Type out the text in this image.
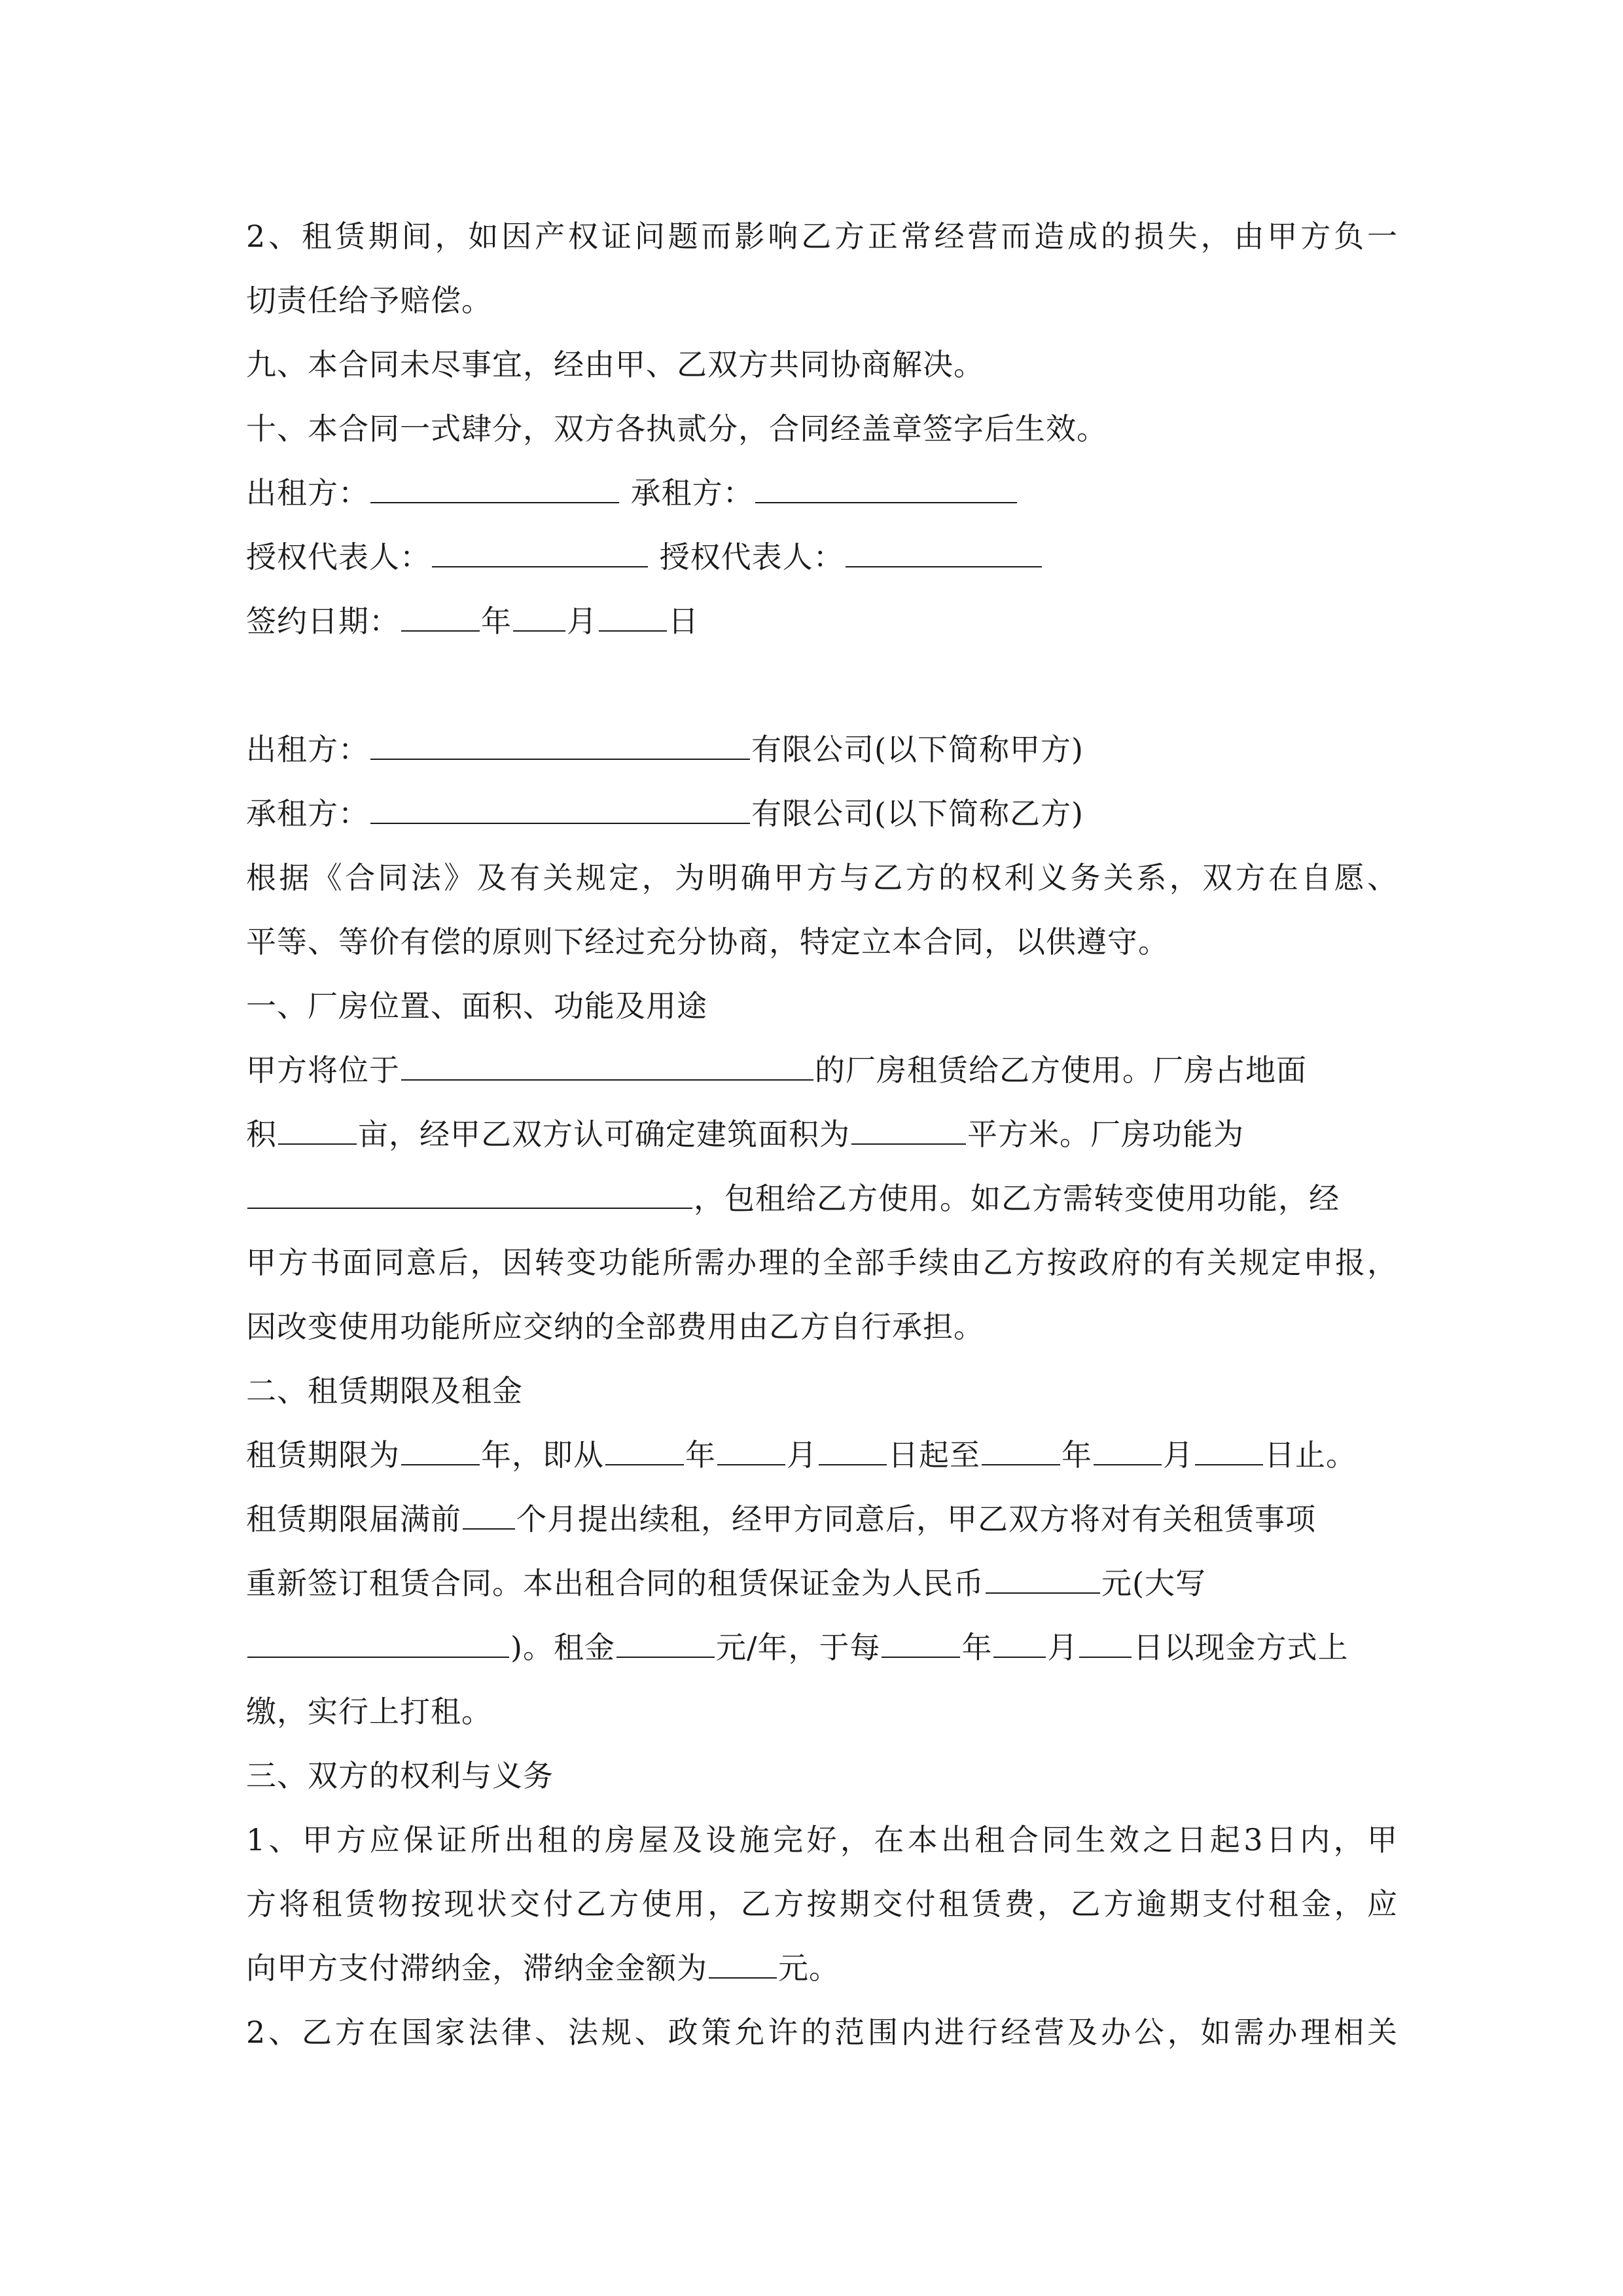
2、租赁期间，如因产权证问题而影响乙方正常经营而造成的损失，由甲方负一
切责任给予赔偿。
九、本合同未尽事宜，经由甲、乙双方共同协商解决。
十、本合同一式肆分，双方各执贰分，合同经盖章签字后生效。
出租方：	承租方：
授权代表人：	授权代表人：
签约日期：	年 月 日
出租方：	有限公司(以下简称甲方)
承租方：	有限公司(以下简称乙方)
根据《合同法》及有关规定，为明确甲方与乙方的权利义务关系，双方在自愿、
平等、等价有偿的原则下经过充分协商，特定立本合同，以供遵守。
一、厂房位置、面积、功能及用途
甲方将位于	的厂房租赁给乙方使用。厂房占地面
积	亩，经甲乙双方认可确定建筑面积为	平方米。厂房功能为
，包租给乙方使用。如乙方需转变使用功能，经
甲方书面同意后，因转变功能所需办理的全部手续由乙方按政府的有关规定申报，
因改变使用功能所应交纳的全部费用由乙方自行承担。
二、租赁期限及租金
租赁期限为	年，即从	年 月 日起至	年 月 日止。
租赁期限届满前 个月提出续租，经甲方同意后，甲乙双方将对有关租赁事项
重新签订租赁合同。本出租合同的租赁保证金为人民币	元(大写
)。租金	元/年，于每	年 月 日以现金方式上
缴，实行上打租。
三、双方的权利与义务
1、甲方应保证所出租的房屋及设施完好，在本出租合同生效之日起3日内，甲
方将租赁物按现状交付乙方使用，乙方按期交付租赁费，乙方逾期支付租金，应
向甲方支付滞纳金，滞纳金金额为 元。
2、乙方在国家法律、法规、政策允许的范围内进行经营及办公，如需办理相关
